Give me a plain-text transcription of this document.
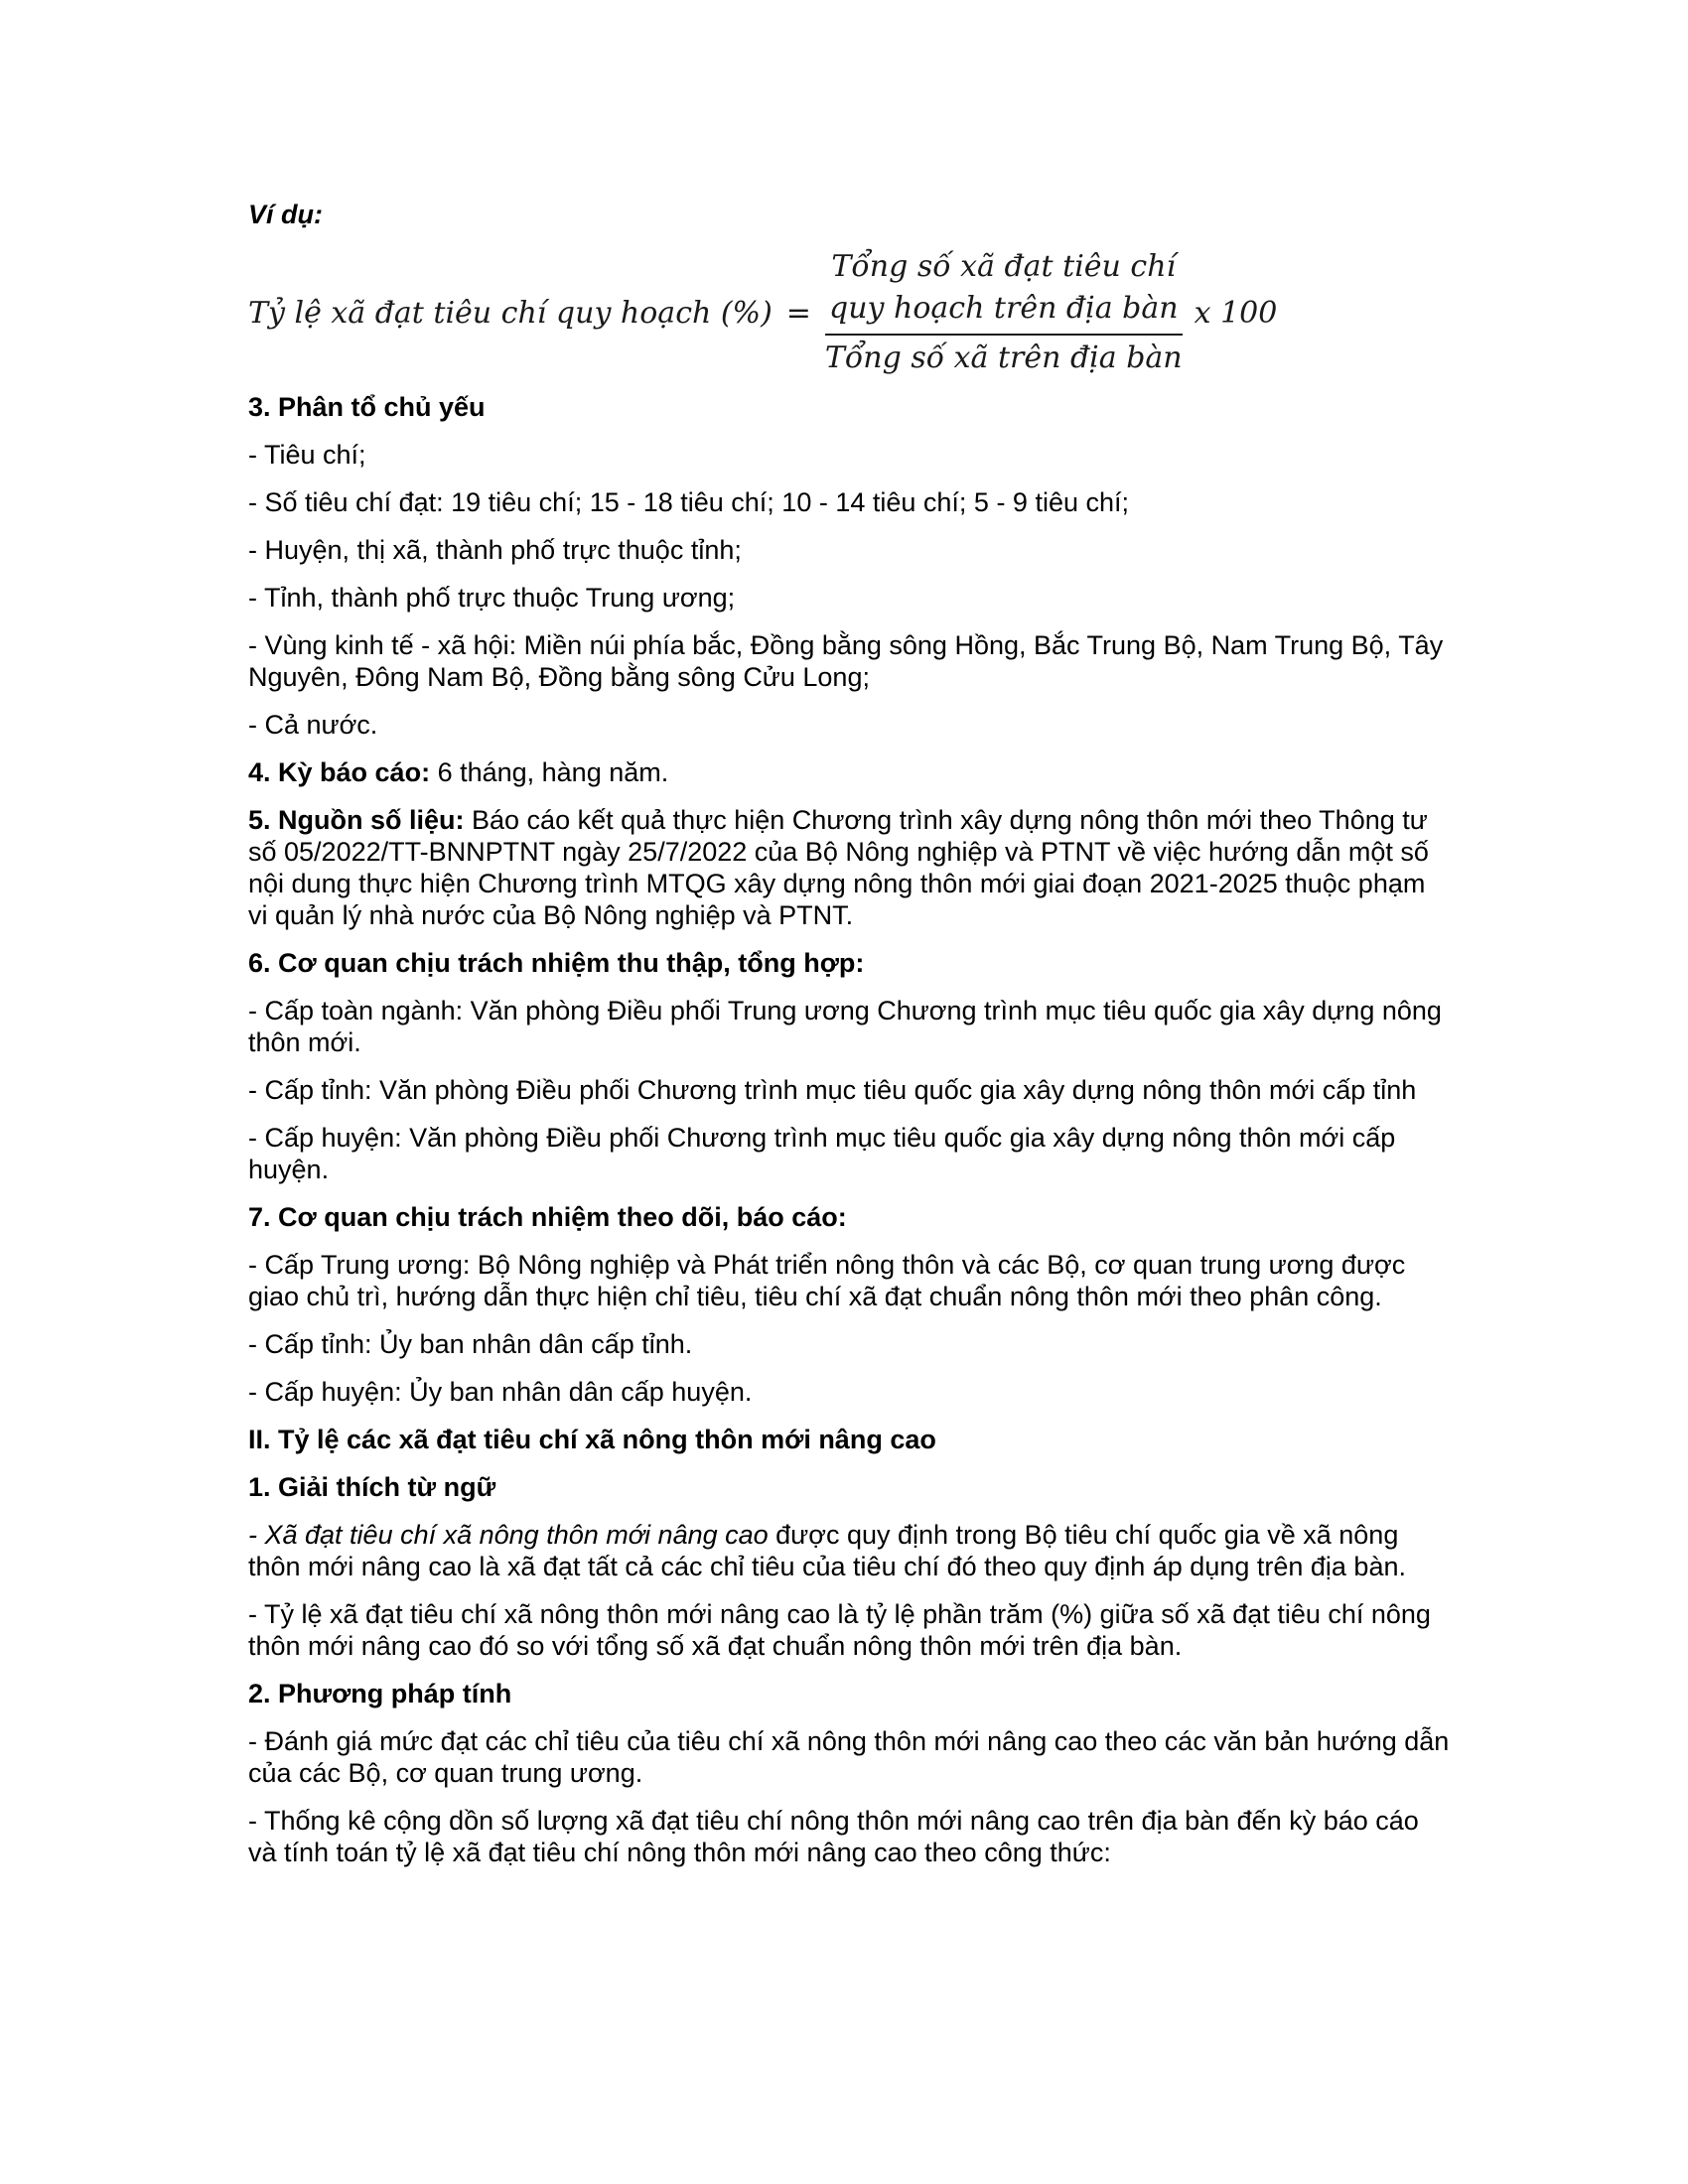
Ví dụ:

Tỷ lệ xã đạt tiêu chí quy hoạch (%) =
Tổng số xã đạt tiêu chí
quy hoạch trên địa bàn
Tổng số xã trên địa bàn
x 100

3. Phân tổ chủ yếu

- Tiêu chí;

- Số tiêu chí đạt: 19 tiêu chí; 15 - 18 tiêu chí; 10 - 14 tiêu chí; 5 - 9 tiêu chí;

- Huyện, thị xã, thành phố trực thuộc tỉnh;

- Tỉnh, thành phố trực thuộc Trung ương;

- Vùng kinh tế - xã hội: Miền núi phía bắc, Đồng bằng sông Hồng, Bắc Trung Bộ, Nam Trung Bộ, Tây Nguyên, Đông Nam Bộ, Đồng bằng sông Cửu Long;

- Cả nước.

4. Kỳ báo cáo: 6 tháng, hàng năm.

5. Nguồn số liệu: Báo cáo kết quả thực hiện Chương trình xây dựng nông thôn mới theo Thông tư số 05/2022/TT-BNNPTNT ngày 25/7/2022 của Bộ Nông nghiệp và PTNT về việc hướng dẫn một số nội dung thực hiện Chương trình MTQG xây dựng nông thôn mới giai đoạn 2021-2025 thuộc phạm vi quản lý nhà nước của Bộ Nông nghiệp và PTNT.

6. Cơ quan chịu trách nhiệm thu thập, tổng hợp:

- Cấp toàn ngành: Văn phòng Điều phối Trung ương Chương trình mục tiêu quốc gia xây dựng nông thôn mới.

- Cấp tỉnh: Văn phòng Điều phối Chương trình mục tiêu quốc gia xây dựng nông thôn mới cấp tỉnh

- Cấp huyện: Văn phòng Điều phối Chương trình mục tiêu quốc gia xây dựng nông thôn mới cấp huyện.

7. Cơ quan chịu trách nhiệm theo dõi, báo cáo:

- Cấp Trung ương: Bộ Nông nghiệp và Phát triển nông thôn và các Bộ, cơ quan trung ương được giao chủ trì, hướng dẫn thực hiện chỉ tiêu, tiêu chí xã đạt chuẩn nông thôn mới theo phân công.

- Cấp tỉnh: Ủy ban nhân dân cấp tỉnh.

- Cấp huyện: Ủy ban nhân dân cấp huyện.

II. Tỷ lệ các xã đạt tiêu chí xã nông thôn mới nâng cao

1. Giải thích từ ngữ

- Xã đạt tiêu chí xã nông thôn mới nâng cao được quy định trong Bộ tiêu chí quốc gia về xã nông thôn mới nâng cao là xã đạt tất cả các chỉ tiêu của tiêu chí đó theo quy định áp dụng trên địa bàn.

- Tỷ lệ xã đạt tiêu chí xã nông thôn mới nâng cao là tỷ lệ phần trăm (%) giữa số xã đạt tiêu chí nông thôn mới nâng cao đó so với tổng số xã đạt chuẩn nông thôn mới trên địa bàn.

2. Phương pháp tính

- Đánh giá mức đạt các chỉ tiêu của tiêu chí xã nông thôn mới nâng cao theo các văn bản hướng dẫn của các Bộ, cơ quan trung ương.

- Thống kê cộng dồn số lượng xã đạt tiêu chí nông thôn mới nâng cao trên địa bàn đến kỳ báo cáo và tính toán tỷ lệ xã đạt tiêu chí nông thôn mới nâng cao theo công thức:
